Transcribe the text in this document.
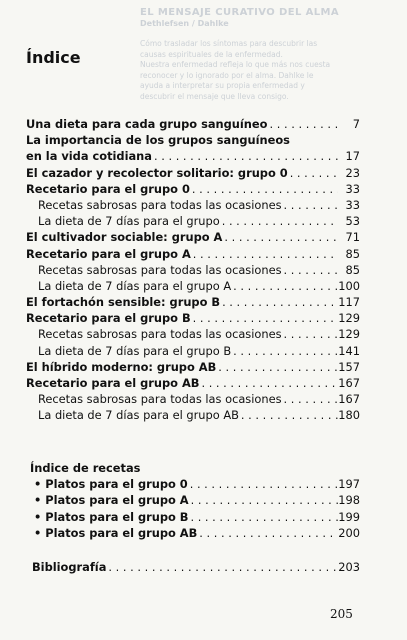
EL MENSAJE CURATIVO DEL ALMA
Dethlefsen / Dahlke
Cómo trasladar los síntomas para descubrir las
causas espirituales de la enfermedad.
Nuestra enfermedad refleja lo que más nos cuesta
reconocer y lo ignorado por el alma. Dahlke le
ayuda a interpretar su propia enfermedad y
descubrir el mensaje que lleva consigo.
Índice
Una dieta para cada grupo sanguíneo . . .	7
La importancia de los grupos sanguíneos
en la vida cotidiana . . .	17
El cazador y recolector solitario: grupo 0 . . .	23
Recetario para el grupo 0 . . .	33
Recetas sabrosas para todas las ocasiones . . .	33
La dieta de 7 días para el grupo . . .	53
El cultivador sociable: grupo A . . .	71
Recetario para el grupo A . . .	85
Recetas sabrosas para todas las ocasiones . . .	85
La dieta de 7 días para el grupo A . . .	100
El fortachón sensible: grupo B . . .	117
Recetario para el grupo B . . .	129
Recetas sabrosas para todas las ocasiones . . .	129
La dieta de 7 días para el grupo B . . .	141
El híbrido moderno: grupo AB . . .	157
Recetario para el grupo AB . . .	167
Recetas sabrosas para todas las ocasiones . . .	167
La dieta de 7 días para el grupo AB . . .	180
Índice de recetas
• Platos para el grupo 0 . . .	197
• Platos para el grupo A . . .	198
• Platos para el grupo B . . .	199
• Platos para el grupo AB . . .	200
Bibliografía . . .	203
205
